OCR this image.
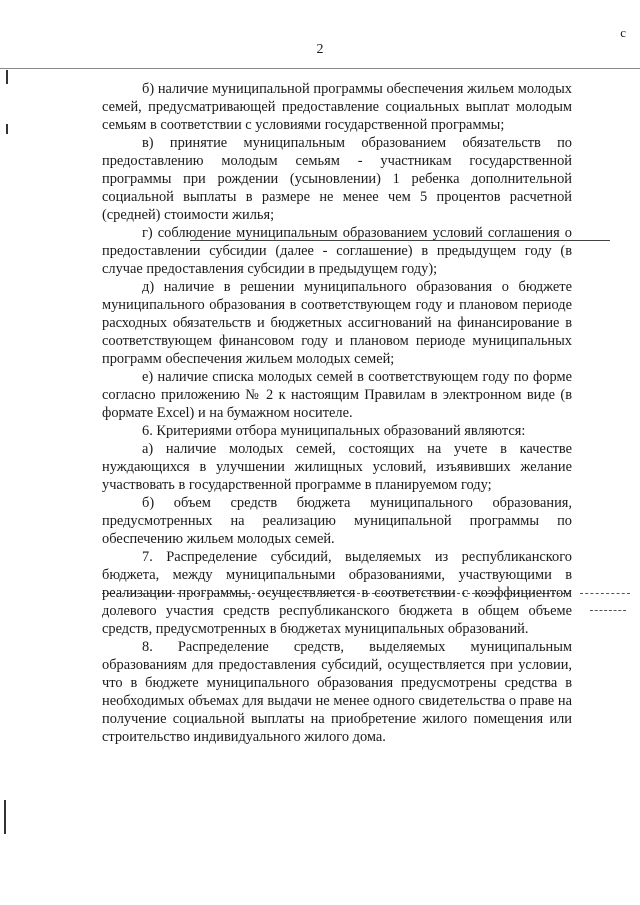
2
c

б) наличие муниципальной программы обеспечения жильем молодых семей, предусматривающей предоставление социальных выплат молодым семьям в соответствии с условиями государственной программы;

в) принятие муниципальным образованием обязательств по предоставлению молодым семьям - участникам государственной программы при рождении (усыновлении) 1 ребенка дополнительной социальной выплаты в размере не менее чем 5 процентов расчетной (средней) стоимости жилья;

г) соблюдение муниципальным образованием условий соглашения о предоставлении субсидии (далее - соглашение) в предыдущем году (в случае предоставления субсидии в предыдущем году);

д) наличие в решении муниципального образования о бюджете муниципального образования в соответствующем году и плановом периоде расходных обязательств и бюджетных ассигнований на финансирование в соответствующем финансовом году и плановом периоде муниципальных программ обеспечения жильем молодых семей;

е) наличие списка молодых семей в соответствующем году по форме согласно приложению № 2 к настоящим Правилам в электронном виде (в формате Excel) и на бумажном носителе.

6. Критериями отбора муниципальных образований являются:

а) наличие молодых семей, состоящих на учете в качестве нуждающихся в улучшении жилищных условий, изъявивших желание участвовать в государственной программе в планируемом году;

б) объем средств бюджета муниципального образования, предусмотренных на реализацию муниципальной программы по обеспечению жильем молодых семей.

7. Распределение субсидий, выделяемых из республиканского бюджета, между муниципальными образованиями, участвующими в реализации программы, осуществляется в соответствии с коэффициентом долевого участия средств республиканского бюджета в общем объеме средств, предусмотренных в бюджетах муниципальных образований.

8. Распределение средств, выделяемых муниципальным образованиям для предоставления субсидий, осуществляется при условии, что в бюджете муниципального образования предусмотрены средства в необходимых объемах для выдачи не менее одного свидетельства о праве на получение социальной выплаты на приобретение жилого помещения или строительство индивидуального жилого дома.
